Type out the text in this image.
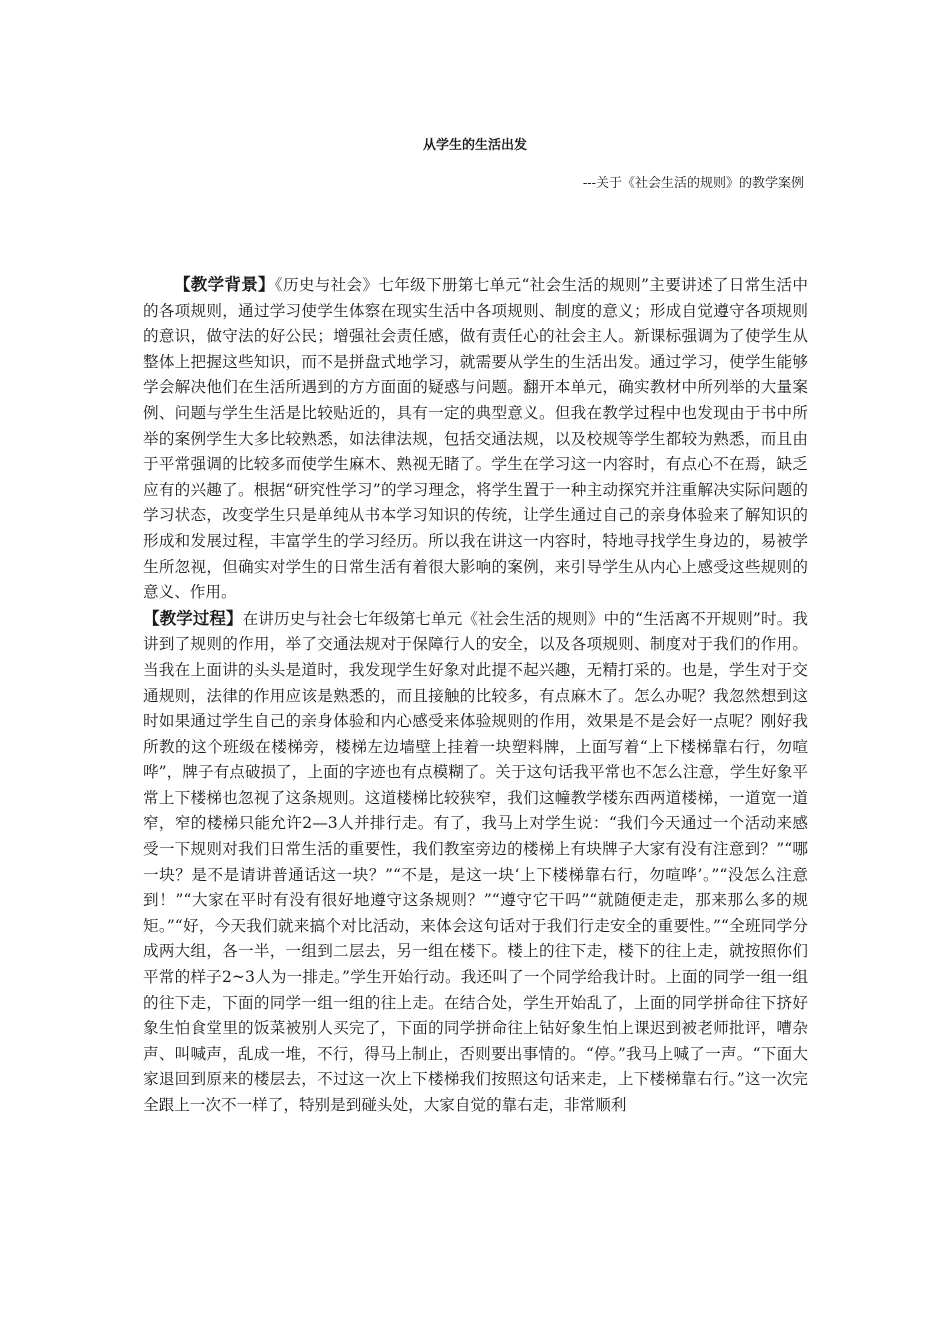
从学生的生活出发
---关于《社会生活的规则》的教学案例

【教学背景】《历史与社会》七年级下册第七单元“社会生活的规则”主要讲述了日常生活中的各项规则，通过学习使学生体察在现实生活中各项规则、制度的意义；形成自觉遵守各项规则的意识，做守法的好公民；增强社会责任感，做有责任心的社会主人。新课标强调为了使学生从整体上把握这些知识，而不是拼盘式地学习，就需要从学生的生活出发。通过学习，使学生能够学会解决他们在生活所遇到的方方面面的疑惑与问题。翻开本单元，确实教材中所列举的大量案例、问题与学生生活是比较贴近的，具有一定的典型意义。但我在教学过程中也发现由于书中所举的案例学生大多比较熟悉，如法律法规，包括交通法规，以及校规等学生都较为熟悉，而且由于平常强调的比较多而使学生麻木、熟视无睹了。学生在学习这一内容时，有点心不在焉，缺乏应有的兴趣了。根据“研究性学习”的学习理念，将学生置于一种主动探究并注重解决实际问题的学习状态，改变学生只是单纯从书本学习知识的传统，让学生通过自己的亲身体验来了解知识的形成和发展过程，丰富学生的学习经历。所以我在讲这一内容时，特地寻找学生身边的，易被学生所忽视，但确实对学生的日常生活有着很大影响的案例，来引导学生从内心上感受这些规则的意义、作用。

【教学过程】在讲历史与社会七年级第七单元《社会生活的规则》中的“生活离不开规则”时。我讲到了规则的作用，举了交通法规对于保障行人的安全，以及各项规则、制度对于我们的作用。当我在上面讲的头头是道时，我发现学生好象对此提不起兴趣，无精打采的。也是，学生对于交通规则，法律的作用应该是熟悉的，而且接触的比较多，有点麻木了。怎么办呢？我忽然想到这时如果通过学生自己的亲身体验和内心感受来体验规则的作用，效果是不是会好一点呢？刚好我所教的这个班级在楼梯旁，楼梯左边墙壁上挂着一块塑料牌，上面写着“上下楼梯靠右行，勿喧哗”，牌子有点破损了，上面的字迹也有点模糊了。关于这句话我平常也不怎么注意，学生好象平常上下楼梯也忽视了这条规则。这道楼梯比较狭窄，我们这幢教学楼东西两道楼梯，一道宽一道窄，窄的楼梯只能允许2—3人并排行走。有了，我马上对学生说：“我们今天通过一个活动来感受一下规则对我们日常生活的重要性，我们教室旁边的楼梯上有块牌子大家有没有注意到？”“哪一块？是不是请讲普通话这一块？”“不是，是这一块‘上下楼梯靠右行，勿喧哗’。”“没怎么注意到！”“大家在平时有没有很好地遵守这条规则？”“遵守它干吗”“就随便走走，那来那么多的规矩。”“好，今天我们就来搞个对比活动，来体会这句话对于我们行走安全的重要性。”“全班同学分成两大组，各一半，一组到二层去，另一组在楼下。楼上的往下走，楼下的往上走，就按照你们平常的样子2~3人为一排走。”学生开始行动。我还叫了一个同学给我计时。上面的同学一组一组的往下走，下面的同学一组一组的往上走。在结合处，学生开始乱了，上面的同学拼命往下挤好象生怕食堂里的饭菜被别人买完了，下面的同学拼命往上钻好象生怕上课迟到被老师批评，嘈杂声、叫喊声，乱成一堆，不行，得马上制止，否则要出事情的。“停。”我马上喊了一声。“下面大家退回到原来的楼层去，不过这一次上下楼梯我们按照这句话来走，上下楼梯靠右行。”这一次完全跟上一次不一样了，特别是到碰头处，大家自觉的靠右走，非常顺利
